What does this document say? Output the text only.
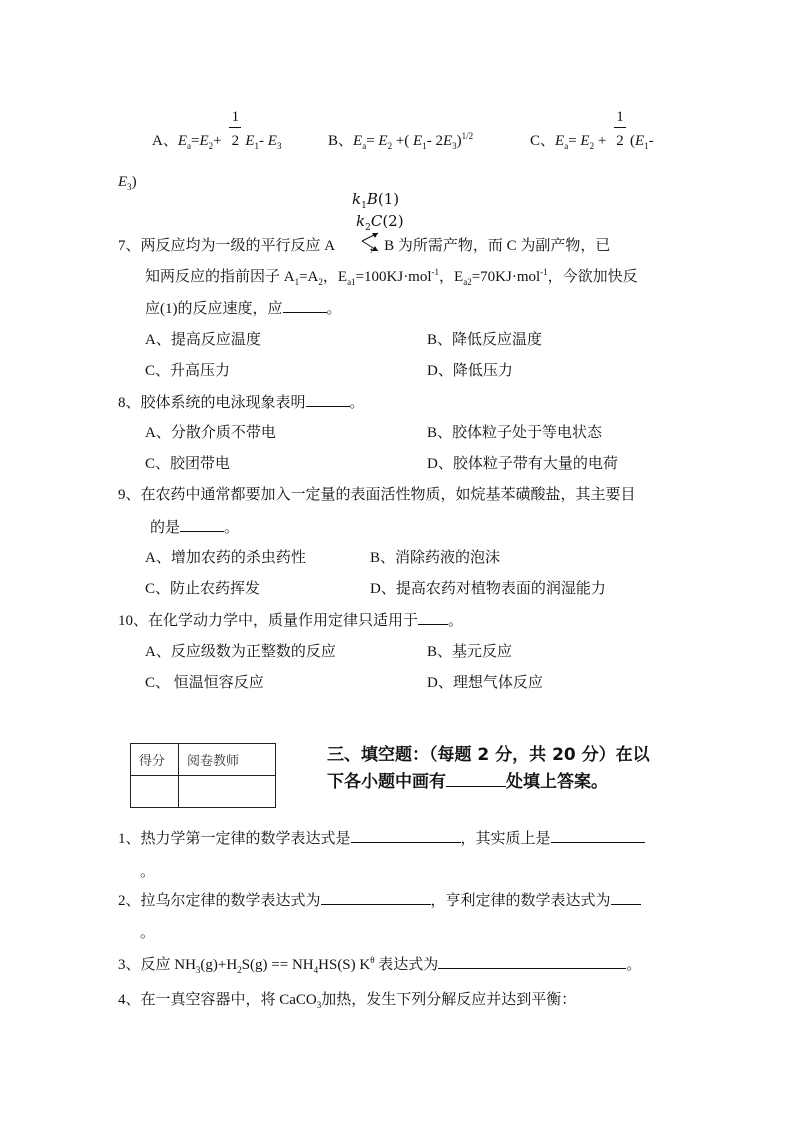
A、$E_a=E_2+ \frac{1}{2} E_1-$ $E_3$	B、$E_a= E_2$ +( $E_1-$ $2E_3)^{1/2}$	C、$E_a= E_2 + \frac{1}{2} (E_1-$
$E_3$)
$k_1B(1)$
$k_2C(2)$
7、两反应均为一级的平行反应 A ，B 为所需产物，而 C 为副产物，已
知两反应的指前因子 $A_1=A_2$，$E_{a1}=100KJ\cdot mol^{-1}$，$E_{a2}=70KJ\cdot mol^{-1}$，今欲加快反
应(1)的反应速度，应	。
A、提高反应温度	B、降低反应温度
C、升高压力	D、降低压力
8、胶体系统的电泳现象表明	。
A、分散介质不带电	B、胶体粒子处于等电状态
C、胶团带电	D、胶体粒子带有大量的电荷
9、在农药中通常都要加入一定量的表面活性物质，如烷基苯磺酸盐，其主要目
的是	。
A、增加农药的杀虫药性	B、消除药液的泡沫
C、防止农药挥发	D、提高农药对植物表面的润湿能力
10、在化学动力学中，质量作用定律只适用于 。
A、反应级数为正整数的反应	B、基元反应
C、 恒温恒容反应	D、理想气体反应
得分	阅卷教师
		三、填空题：（每题 2 分，共 20 分）在以
下各小题中画有	处填上答案。
1、热力学第一定律的数学表达式是	，其实质上是
。
2、拉乌尔定律的数学表达式为	，亨利定律的数学表达式为
。
3、反应 $NH_3(g)+H_2S(g) == NH_4HS(S)$ $K^\theta$ 表达式为	。
4、在一真空容器中，将 CaCO$_3$加热，发生下列分解反应并达到平衡：
